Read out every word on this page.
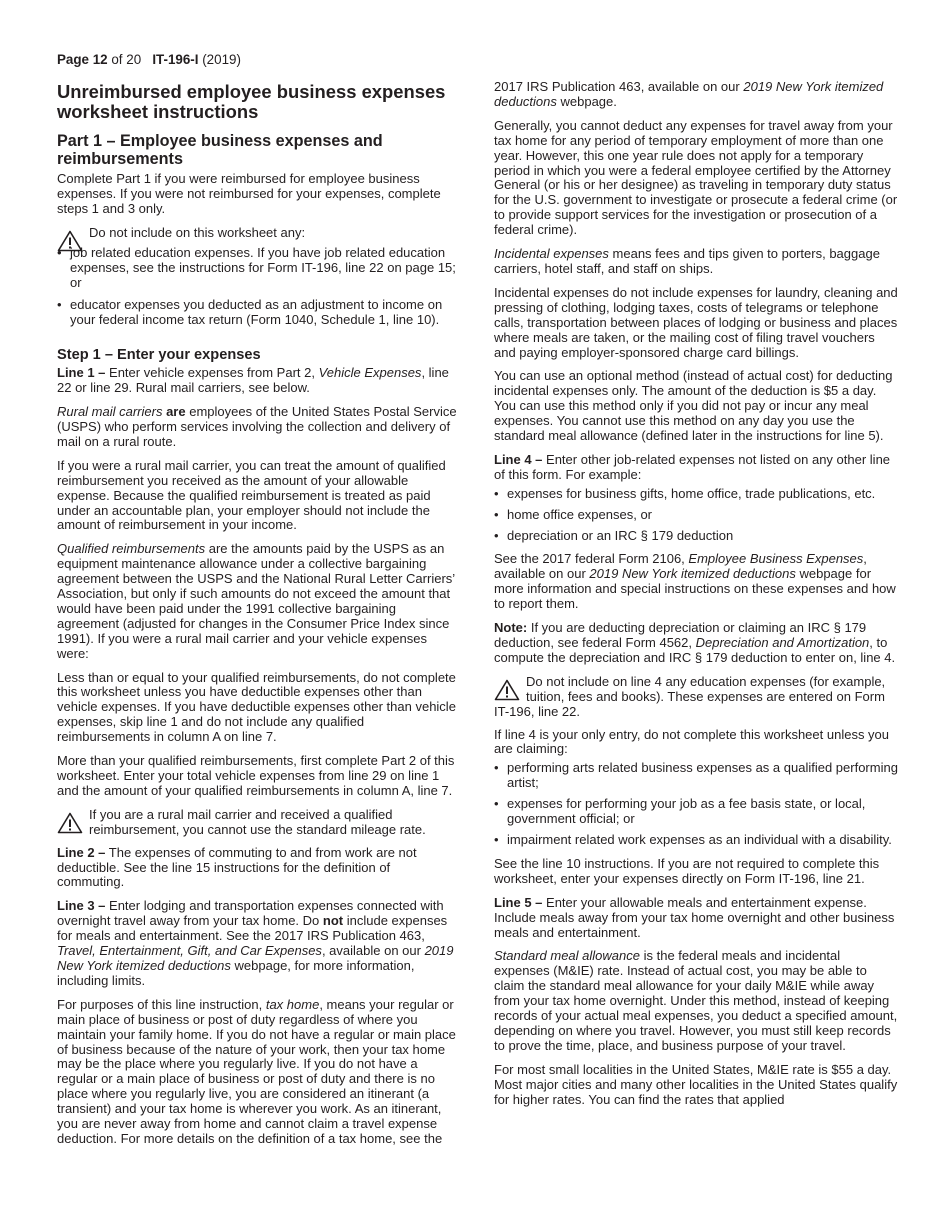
Page 12 of 20 IT-196-I (2019)
Unreimbursed employee business expenses worksheet instructions
Part 1 – Employee business expenses and reimbursements

Complete Part 1 if you were reimbursed for employee business expenses. If you were not reimbursed for your expenses, complete steps 1 and 3 only.

Do not include on this worksheet any:
• job related education expenses. If you have job related education expenses, see the instructions for Form IT-196, line 22 on page 15; or
• educator expenses you deducted as an adjustment to income on your federal income tax return (Form 1040, Schedule 1, line 10).
Step 1 – Enter your expenses

Line 1 – Enter vehicle expenses from Part 2, Vehicle Expenses, line 22 or line 29. Rural mail carriers, see below.

Rural mail carriers are employees of the United States Postal Service (USPS) who perform services involving the collection and delivery of mail on a rural route.

If you were a rural mail carrier, you can treat the amount of qualified reimbursement you received as the amount of your allowable expense. Because the qualified reimbursement is treated as paid under an accountable plan, your employer should not include the amount of reimbursement in your income.

Qualified reimbursements are the amounts paid by the USPS as an equipment maintenance allowance under a collective bargaining agreement between the USPS and the National Rural Letter Carriers’ Association, but only if such amounts do not exceed the amount that would have been paid under the 1991 collective bargaining agreement (adjusted for changes in the Consumer Price Index since 1991). If you were a rural mail carrier and your vehicle expenses were:

Less than or equal to your qualified reimbursements, do not complete this worksheet unless you have deductible expenses other than vehicle expenses. If you have deductible expenses other than vehicle expenses, skip line 1 and do not include any qualified reimbursements in column A on line 7.

More than your qualified reimbursements, first complete Part 2 of this worksheet. Enter your total vehicle expenses from line 29 on line 1 and the amount of your qualified reimbursements in column A, line 7.

If you are a rural mail carrier and received a qualified reimbursement, you cannot use the standard mileage rate.

Line 2 – The expenses of commuting to and from work are not deductible. See the line 15 instructions for the definition of commuting.

Line 3 – Enter lodging and transportation expenses connected with overnight travel away from your tax home. Do not include expenses for meals and entertainment. See the 2017 IRS Publication 463, Travel, Entertainment, Gift, and Car Expenses, available on our 2019 New York itemized deductions webpage, for more information, including limits.

For purposes of this line instruction, tax home, means your regular or main place of business or post of duty regardless of where you maintain your family home. If you do not have a regular or main place of business because of the nature of your work, then your tax home may be the place where you regularly live. If you do not have a regular or a main place of business or post of duty and there is no place where you regularly live, you are considered an itinerant (a transient) and your tax home is wherever you work. As an itinerant, you are never away from home and cannot claim a travel expense deduction. For more details on the definition of a tax home, see the

2017 IRS Publication 463, available on our 2019 New York itemized deductions webpage.

Generally, you cannot deduct any expenses for travel away from your tax home for any period of temporary employment of more than one year. However, this one year rule does not apply for a temporary period in which you were a federal employee certified by the Attorney General (or his or her designee) as traveling in temporary duty status for the U.S. government to investigate or prosecute a federal crime (or to provide support services for the investigation or prosecution of a federal crime).

Incidental expenses means fees and tips given to porters, baggage carriers, hotel staff, and staff on ships.

Incidental expenses do not include expenses for laundry, cleaning and pressing of clothing, lodging taxes, costs of telegrams or telephone calls, transportation between places of lodging or business and places where meals are taken, or the mailing cost of filing travel vouchers and paying employer-sponsored charge card billings.

You can use an optional method (instead of actual cost) for deducting incidental expenses only. The amount of the deduction is $5 a day. You can use this method only if you did not pay or incur any meal expenses. You cannot use this method on any day you use the standard meal allowance (defined later in the instructions for line 5).

Line 4 – Enter other job-related expenses not listed on any other line of this form. For example:

• expenses for business gifts, home office, trade publications, etc.
• home office expenses, or
• depreciation or an IRC § 179 deduction

See the 2017 federal Form 2106, Employee Business Expenses, available on our 2019 New York itemized deductions webpage for more information and special instructions on these expenses and how to report them.

Note: If you are deducting depreciation or claiming an IRC § 179 deduction, see federal Form 4562, Depreciation and Amortization, to compute the depreciation and IRC § 179 deduction to enter on, line 4.

Do not include on line 4 any education expenses (for example, tuition, fees and books). These expenses are entered on Form IT-196, line 22.

If line 4 is your only entry, do not complete this worksheet unless you are claiming:

• performing arts related business expenses as a qualified performing artist;
• expenses for performing your job as a fee basis state, or local, government official; or
• impairment related work expenses as an individual with a disability.

See the line 10 instructions. If you are not required to complete this worksheet, enter your expenses directly on Form IT-196, line 21.

Line 5 – Enter your allowable meals and entertainment expense. Include meals away from your tax home overnight and other business meals and entertainment.

Standard meal allowance is the federal meals and incidental expenses (M&IE) rate. Instead of actual cost, you may be able to claim the standard meal allowance for your daily M&IE while away from your tax home overnight. Under this method, instead of keeping records of your actual meal expenses, you deduct a specified amount, depending on where you travel. However, you must still keep records to prove the time, place, and business purpose of your travel.

For most small localities in the United States, M&IE rate is $55 a day. Most major cities and many other localities in the United States qualify for higher rates. You can find the rates that applied
